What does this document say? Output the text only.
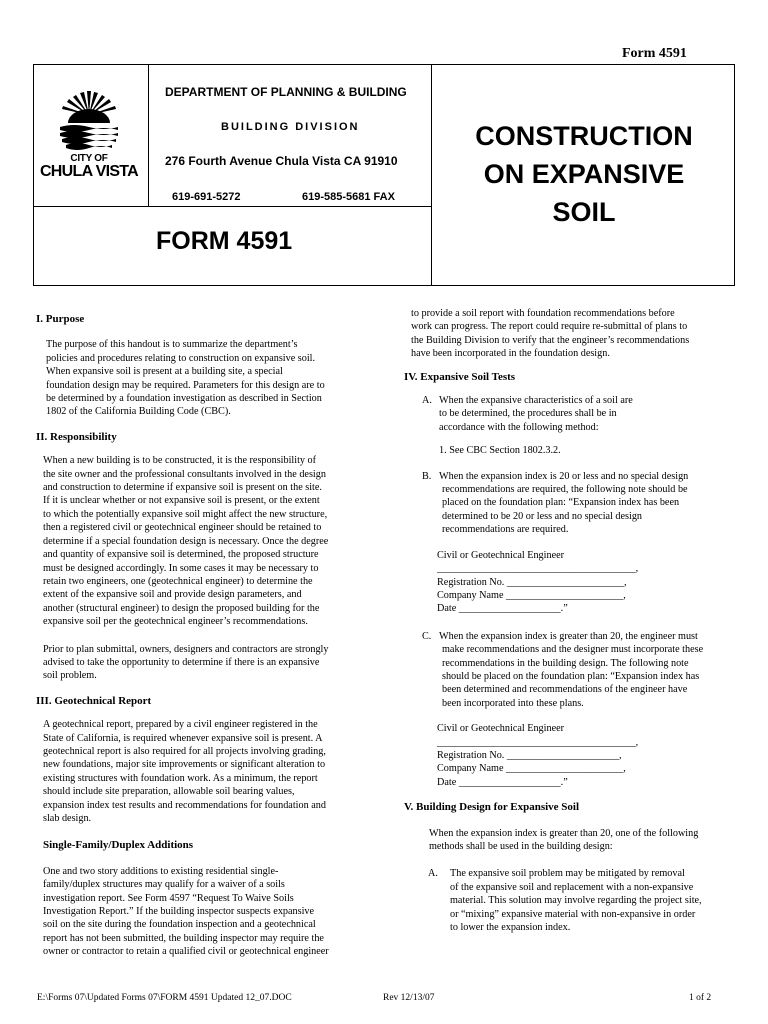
Form 4591
CITY OF
CHULA VISTA
DEPARTMENT OF PLANNING & BUILDING
BUILDING DIVISION
276 Fourth Avenue Chula Vista CA 91910
619-691-5272	619-585-5681 FAX
FORM 4591
CONSTRUCTION
ON EXPANSIVE
SOIL

I. Purpose

The purpose of this handout is to summarize the department’s

policies and procedures relating to construction on expansive soil.

When expansive soil is present at a building site, a special

foundation design may be required. Parameters for this design are to

be determined by a foundation investigation as described in Section

1802 of the California Building Code (CBC).

II. Responsibility

When a new building is to be constructed, it is the responsibility of

the site owner and the professional consultants involved in the design

and construction to determine if expansive soil is present on the site.

If it is unclear whether or not expansive soil is present, or the extent

to which the potentially expansive soil might affect the new structure,

then a registered civil or geotechnical engineer should be retained to

determine if a special foundation design is necessary. Once the degree

and quantity of expansive soil is determined, the proposed structure

must be designed accordingly. In some cases it may be necessary to

retain two engineers, one (geotechnical engineer) to determine the

extent of the expansive soil and provide design parameters, and

another (structural engineer) to design the proposed building for the

expansive soil per the geotechnical engineer’s recommendations.

Prior to plan submittal, owners, designers and contractors are strongly

advised to take the opportunity to determine if there is an expansive

soil problem.

III. Geotechnical Report

A geotechnical report, prepared by a civil engineer registered in the

State of California, is required whenever expansive soil is present. A

geotechnical report is also required for all projects involving grading,

new foundations, major site improvements or significant alteration to

existing structures with foundation work. As a minimum, the report

should include site preparation, allowable soil bearing values,

expansion index test results and recommendations for foundation and

slab design.

Single-Family/Duplex Additions

One and two story additions to existing residential single-

family/duplex structures may qualify for a waiver of a soils

investigation report. See Form 4597 “Request To Waive Soils

Investigation Report.” If the building inspector suspects expansive

soil on the site during the foundation inspection and a geotechnical

report has not been submitted, the building inspector may require the

owner or contractor to retain a qualified civil or geotechnical engineer

to provide a soil report with foundation recommendations before

work can progress. The report could require re-submittal of plans to

the Building Division to verify that the engineer’s recommendations

have been incorporated in the foundation design.

IV. Expansive Soil Tests

A. When the expansive characteristics of a soil are

to be determined, the procedures shall be in

accordance with the following method:

1. See CBC Section 1802.3.2.

B. When the expansion index is 20 or less and no special design

recommendations are required, the following note should be

placed on the foundation plan: “Expansion index has been

determined to be 20 or less and no special design

recommendations are required.

Civil or Geotechnical Engineer

_______________________________________,

Registration No. _______________________,

Company Name _______________________,

Date ____________________.”

C. When the expansion index is greater than 20, the engineer must

make recommendations and the designer must incorporate these

recommendations in the building design. The following note

should be placed on the foundation plan: “Expansion index has

been determined and recommendations of the engineer have

been incorporated into these plans.

Civil or Geotechnical Engineer

_______________________________________,

Registration No. ______________________,

Company Name _______________________,

Date ____________________.”

V. Building Design for Expansive Soil

When the expansion index is greater than 20, one of the following

methods shall be used in the building design:

A.	The expansive soil problem may be mitigated by removal

of the expansive soil and replacement with a non-expansive

material. This solution may involve regarding the project site,

or “mixing” expansive material with non-expansive in order

to lower the expansion index.

E:\Forms 07\Updated Forms 07\FORM 4591 Updated 12_07.DOC	Rev 12/13/07	1 of 2
